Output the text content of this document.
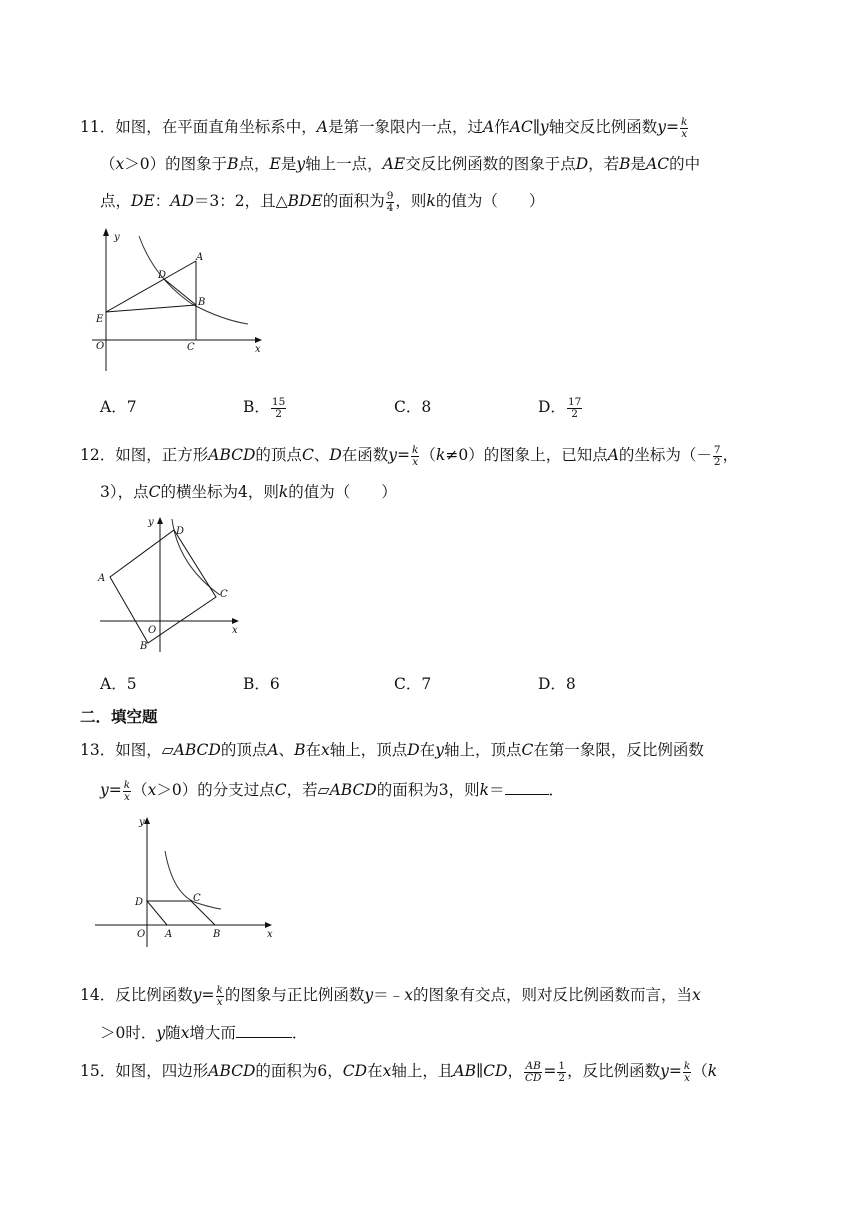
11．如图，在平面直角坐标系中，A是第一象限内一点，过A作AC∥y轴交反比例函数$y= \frac{k}{x}$
（x＞0）的图象于B点，E是y轴上一点，AE交反比例函数的图象于点D，若B是AC的中
点，DE：AD＝3：2，且△BDE的面积为 $\frac{9}{4}$ ，则k的值为（　　）
y
A
D
B
E
O	C	x
A．7	B． $\frac{15}{2}$	C．8	D． $\frac{17}{2}$
12．如图，正方形ABCD的顶点C、D在函数$y= \frac{k}{x} (k\ne 0)$的图象上，已知点A的坐标为（－ $\frac{7}{2}$ ，
3），点C的横坐标为4，则k的值为（　　）
y
D
A
C
O	x
B
A．5	B．6	C．7	D．8
二．填空题
13．如图，▱ABCD的顶点A、B在x轴上，顶点D在y轴上，顶点C在第一象限，反比例函数
$y= \frac{k}{x} (x>0)$的分支过点C，若▱ABCD的面积为3，则k＝	．
y
D	C
O A	B	x
14．反比例函数$y= \frac{k}{x}$ 的图象与正比例函数y＝﹣x的图象有交点，则对反比例函数而言，当x
＞0时．y随x增大而	．
15．如图，四边形ABCD的面积为6，CD在x轴上，且AB∥CD， $\frac{AB}{CD} = \frac{1}{2}$ ，反比例函数$y= \frac{k}{x} (k$
